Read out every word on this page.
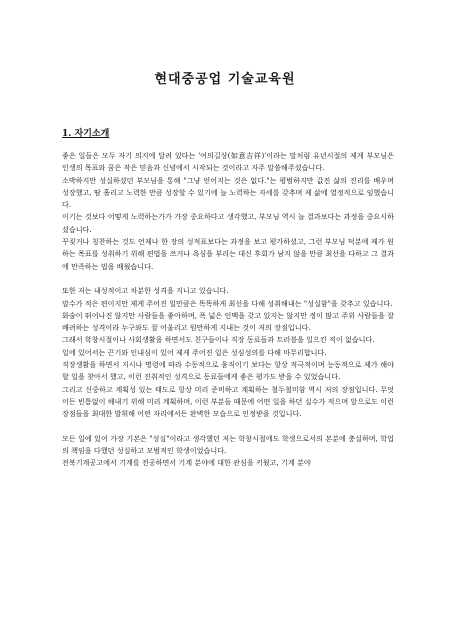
현대중공업 기술교육원
1. 자기소개

좋은 일들은 모두 자기 의지에 달려 있다는 '여의길상(如意吉祥)'이라는 말처럼 유년시절의 제게 부모님은 인생의 목표와 꿈은 작은 믿음과 신념에서 시작되는 것이라고 자주 말씀해주셨습니다.

소박하지만 성실하셨던 부모님을 통해 "그냥 얻어지는 것은 없다."는 평범하지만 값진 삶의 진리를 배우며 성장했고, 땀 흘리고 노력한 만큼 성장할 수 있기에 늘 노력하는 자세를 갖추며 제 삶에 열정적으로 임했습니다.

이기는 것보다 어떻게 노력하는가가 가장 중요하다고 생각했고, 부모님 역시 늘 결과보다는 과정을 중요시하셨습니다.

꾸짖거나 칭찬하는 것도 언제나 한 장의 성적표보다는 과정을 보고 평가하셨고, 그런 부모님 덕분에 제가 원하는 목표를 성취하기 위해 편법을 쓰거나 욕심을 부리는 대신 후회가 남지 않을 만큼 최선을 다하고 그 결과에 만족하는 법을 배웠습니다.

또한 저는 내성적이고 차분한 성격을 지니고 있습니다.

말수가 적은 편이지만 제게 주어진 일만큼은 똑똑하게 최선을 다해 성취해내는 "성실함"을 갖추고 있습니다.

화술이 뛰어나진 않지만 사람들을 좋아하며, 폭 넓은 인맥을 갖고 있지는 않지만 정이 많고 주위 사람들을 잘 배려하는 성격이라 누구와도 잘 어울리고 원만하게 지내는 것이 저의 장점입니다.

그래서 학창시절이나 사회생활을 하면서도 친구들이나 직장 동료들과 트러블을 일으킨 적이 없습니다.

일에 있어서는 끈기와 인내심이 있어 제게 주어진 일은 성심성의를 다해 마무리합니다.

직장생활을 하면서 지시나 명령에 따라 수동적으로 움직이기 보다는 항상 적극적이며 능동적으로 제가 해야 할 일을 찾아서 했고, 이런 진취적인 성격으로 동료들에게 좋은 평가도 받을 수 있었습니다.

그리고 신중하고 계획성 있는 태도로 항상 미리 준비하고 계획하는 철두철미함 역시 저의 장점입니다. 무엇이든 빈틈없이 해내기 위해 미리 계획하며, 이런 부분들 때문에 어떤 일을 하던 실수가 적으며 앞으로도 이런 장점들을 최대한 발휘해 어떤 자리에서든 완벽한 모습으로 인정받을 것입니다.

모든 일에 있어 가장 기본은 "성실"이라고 생각했던 저는 학창시절에도 학생으로서의 본분에 충실하며, 학업의 책임을 다했던 성실하고 모범적인 학생이었습니다.

전북기계공고에서 기계를 전공하면서 기계 분야에 대한 관심을 키웠고, 기계 분야
